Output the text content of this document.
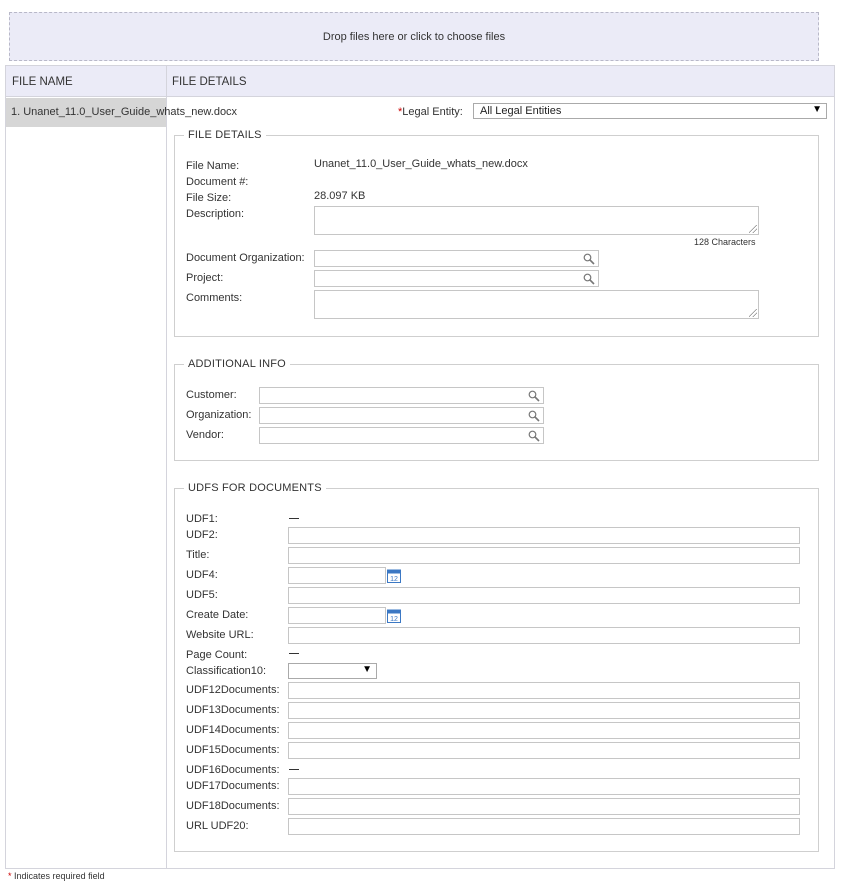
Drop files here or click to choose files
FILE NAME	FILE DETAILS
1. Unanet_11.0_User_Guide_whats_new.docx	*Legal Entity:	All Legal Entities	▼
FILE DETAILS
File Name:	Unanet_11.0_User_Guide_whats_new.docx
Document #:
File Size:	28.097 KB
Description:
128 Characters
Document Organization:
Project:
Comments:
ADDITIONAL INFO
Customer:
Organization:
Vendor:
UDFS FOR DOCUMENTS
UDF1:
UDF2:
Title:
UDF4:	12
UDF5:
Create Date:	12
Website URL:
Page Count:
Classification10:	▼
UDF12Documents:
UDF13Documents:
UDF14Documents:
UDF15Documents:
UDF16Documents:
UDF17Documents:
UDF18Documents:
URL UDF20:
* Indicates required field
